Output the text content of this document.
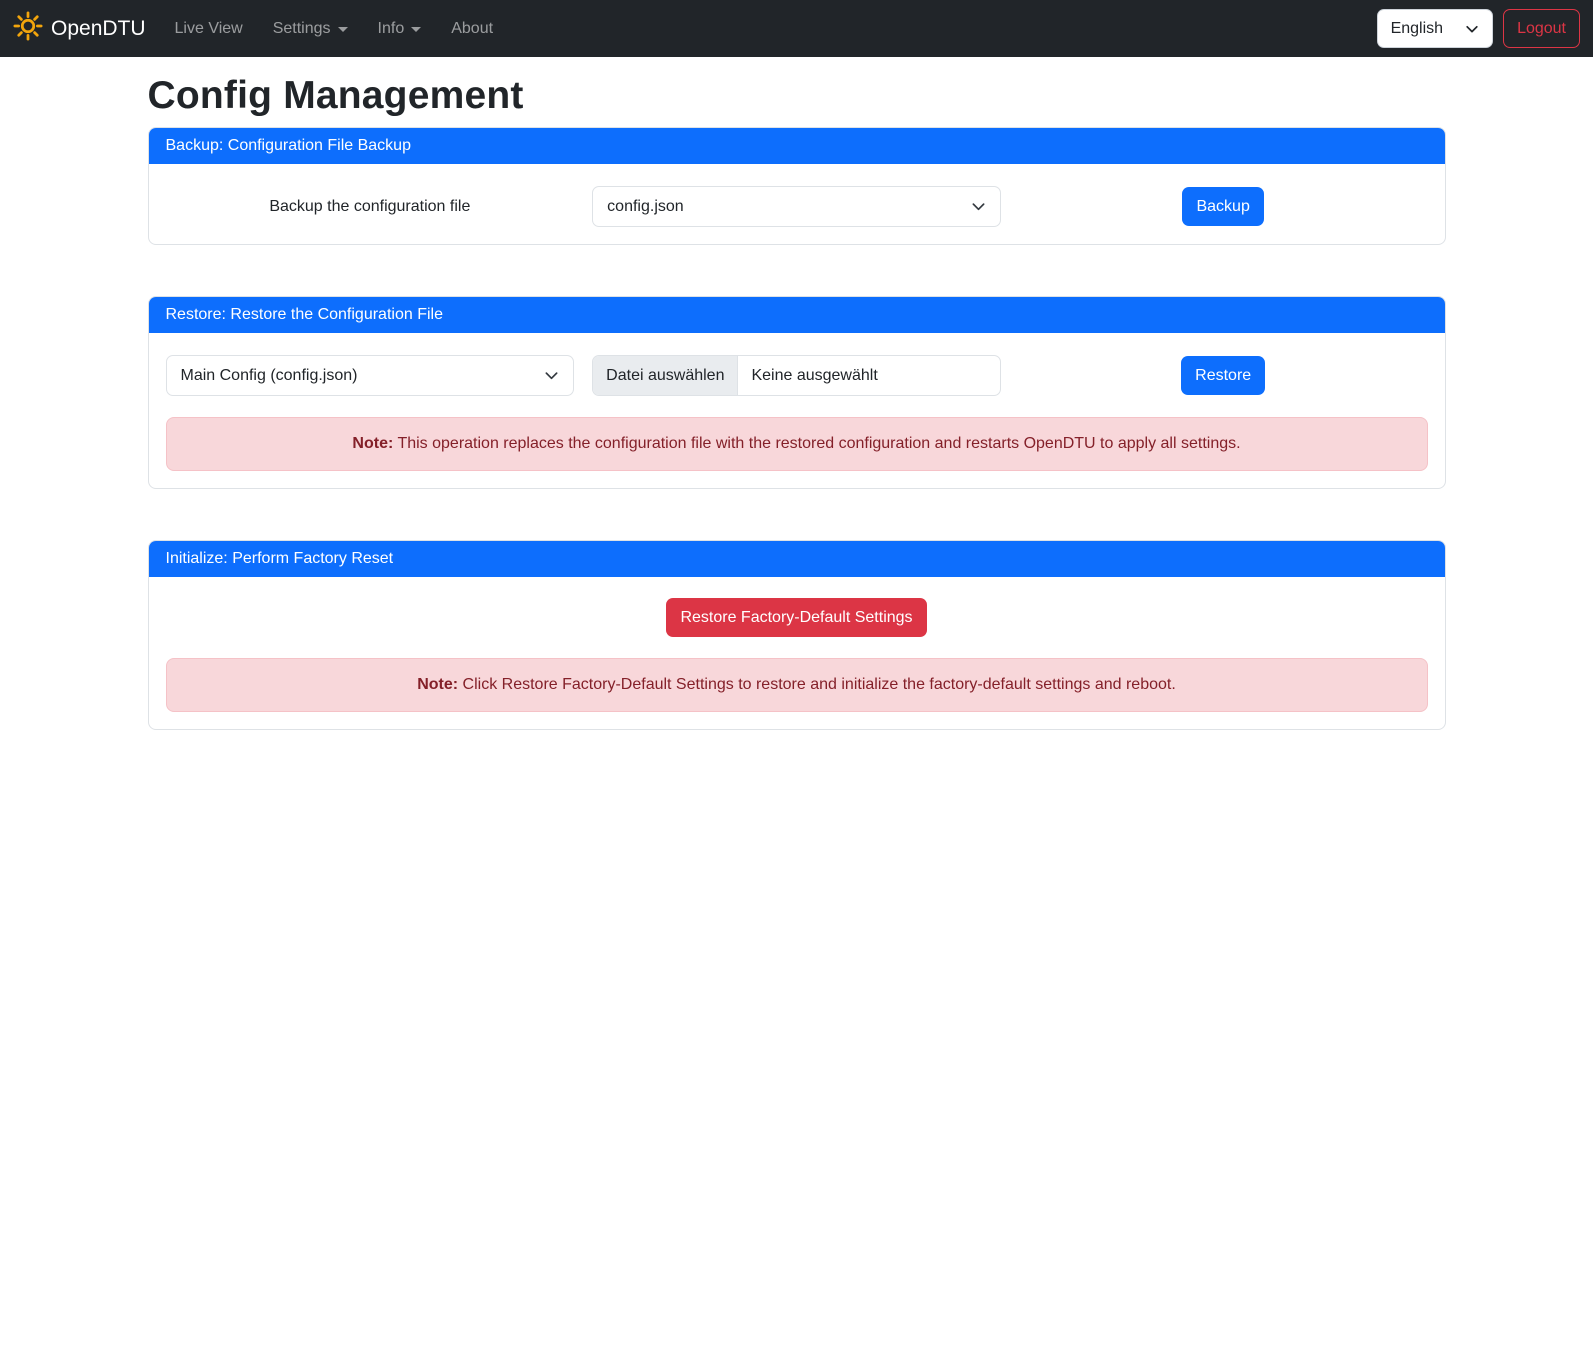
OpenDTU Live View Settings	Info	About	English	Logout
Config Management
Backup: Configuration File Backup
Backup the configuration file	config.json	Backup
Restore: Restore the Configuration File
Main Config (config.json)	Datei auswählen	Keine ausgewählt	Restore
Note: This operation replaces the configuration file with the restored configuration and restarts OpenDTU to apply all settings.
Initialize: Perform Factory Reset
Restore Factory-Default Settings
Note: Click Restore Factory-Default Settings to restore and initialize the factory-default settings and reboot.
